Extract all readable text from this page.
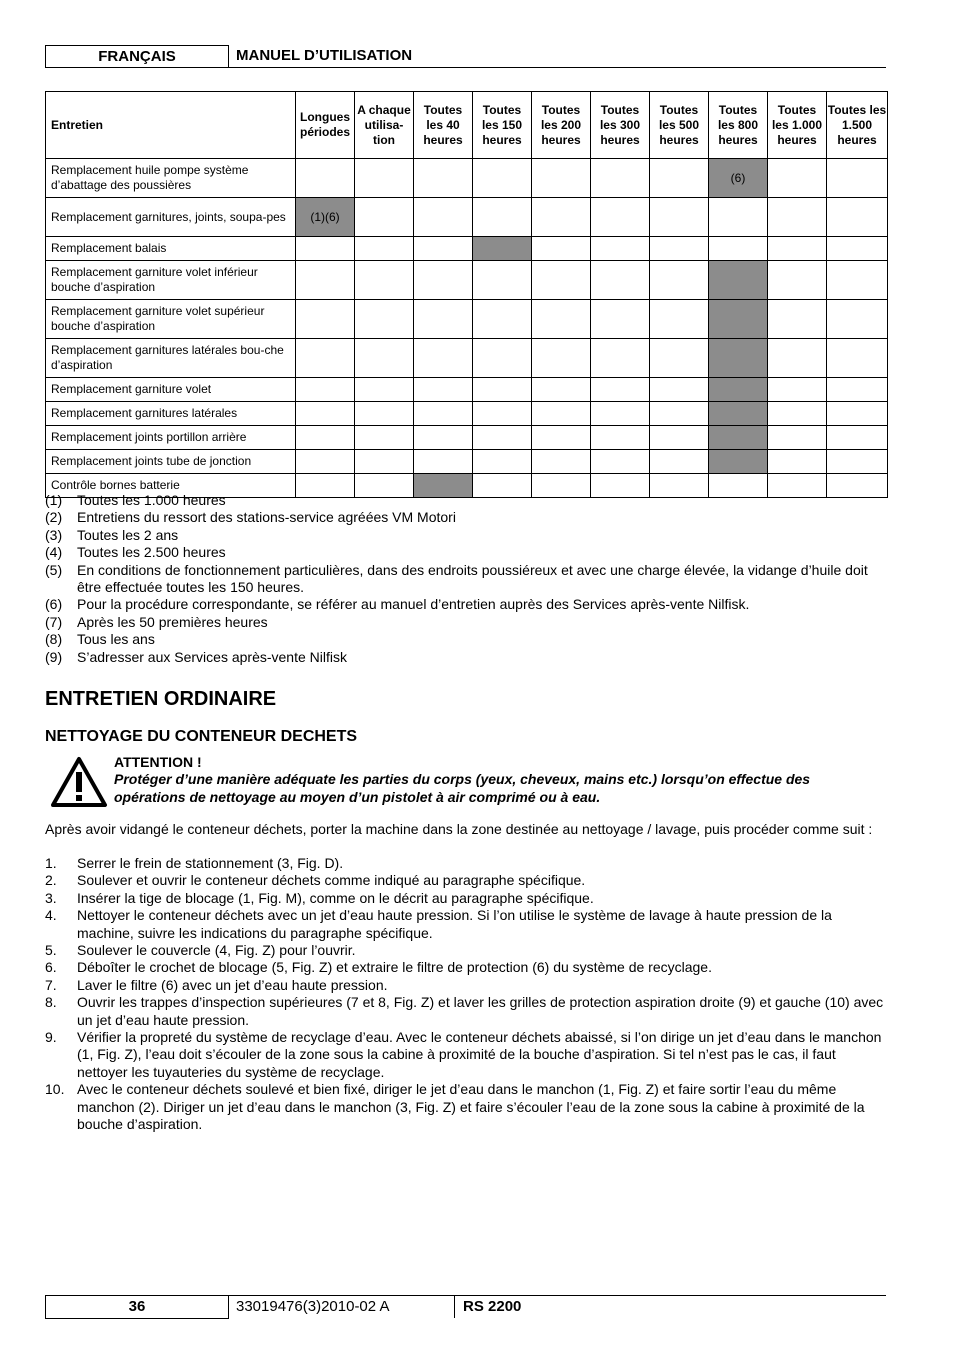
FRANÇAIS	MANUEL D’UTILISATION
Entretien	Longues périodes	A chaque utilisa-tion	Toutes les 40 heures	Toutes les 150 heures	Toutes les 200 heures	Toutes les 300 heures	Toutes les 500 heures	Toutes les 800 heures	Toutes les 1.000 heures	Toutes les 1.500 heures
Remplacement huile pompe système d’abattage des poussières								(6)		
Remplacement garnitures, joints, soupa-pes	(1)(6)									
Remplacement balais										
Remplacement garniture volet inférieur bouche d’aspiration										
Remplacement garniture volet supérieur bouche d’aspiration										
Remplacement garnitures latérales bou-che d’aspiration										
Remplacement garniture volet										
Remplacement garnitures latérales										
Remplacement joints portillon arrière										
Remplacement joints tube de jonction										
Contrôle bornes batterie										
(1) Toutes les 1.000 heures
(2) Entretiens du ressort des stations-service agréées VM Motori
(3) Toutes les 2 ans
(4) Toutes les 2.500 heures
(5) En conditions de fonctionnement particulières, dans des endroits poussiéreux et avec une charge élevée, la vidange d’huile doit être effectuée toutes les 150 heures.
(6) Pour la procédure correspondante, se référer au manuel d’entretien auprès des Services après-vente Nilfisk.
(7) Après les 50 premières heures
(8) Tous les ans
(9) S’adresser aux Services après-vente Nilfisk
ENTRETIEN ORDINAIRE
NETTOYAGE DU CONTENEUR DECHETS
ATTENTION !
Protéger d’une manière adéquate les parties du corps (yeux, cheveux, mains etc.) lorsqu’on effectue des opérations de nettoyage au moyen d’un pistolet à air comprimé ou à eau.
Après avoir vidangé le conteneur déchets, porter la machine dans la zone destinée au nettoyage / lavage, puis procéder comme suit :
1. Serrer le frein de stationnement (3, Fig. D).
2. Soulever et ouvrir le conteneur déchets comme indiqué au paragraphe spécifique.
3. Insérer la tige de blocage (1, Fig. M), comme on le décrit au paragraphe spécifique.
4. Nettoyer le conteneur déchets avec un jet d’eau haute pression. Si l’on utilise le système de lavage à haute pression de la machine, suivre les indications du paragraphe spécifique.
5. Soulever le couvercle (4, Fig. Z) pour l’ouvrir.
6. Déboîter le crochet de blocage (5, Fig. Z) et extraire le filtre de protection (6) du système de recyclage.
7. Laver le filtre (6) avec un jet d’eau haute pression.
8. Ouvrir les trappes d’inspection supérieures (7 et 8, Fig. Z) et laver les grilles de protection aspiration droite (9) et gauche (10) avec un jet d’eau haute pression.
9. Vérifier la propreté du système de recyclage d’eau. Avec le conteneur déchets abaissé, si l’on dirige un jet d’eau dans le manchon (1, Fig. Z), l’eau doit s’écouler de la zone sous la cabine à proximité de la bouche d’aspiration. Si tel n’est pas le cas, il faut nettoyer les tuyauteries du système de recyclage.
10. Avec le conteneur déchets soulevé et bien fixé, diriger le jet d’eau dans le manchon (1, Fig. Z) et faire sortir l’eau du même manchon (2). Diriger un jet d’eau dans le manchon (3, Fig. Z) et faire s’écouler l’eau de la zone sous la cabine à proximité de la bouche d’aspiration.
36	33019476(3)2010-02 A	RS 2200
